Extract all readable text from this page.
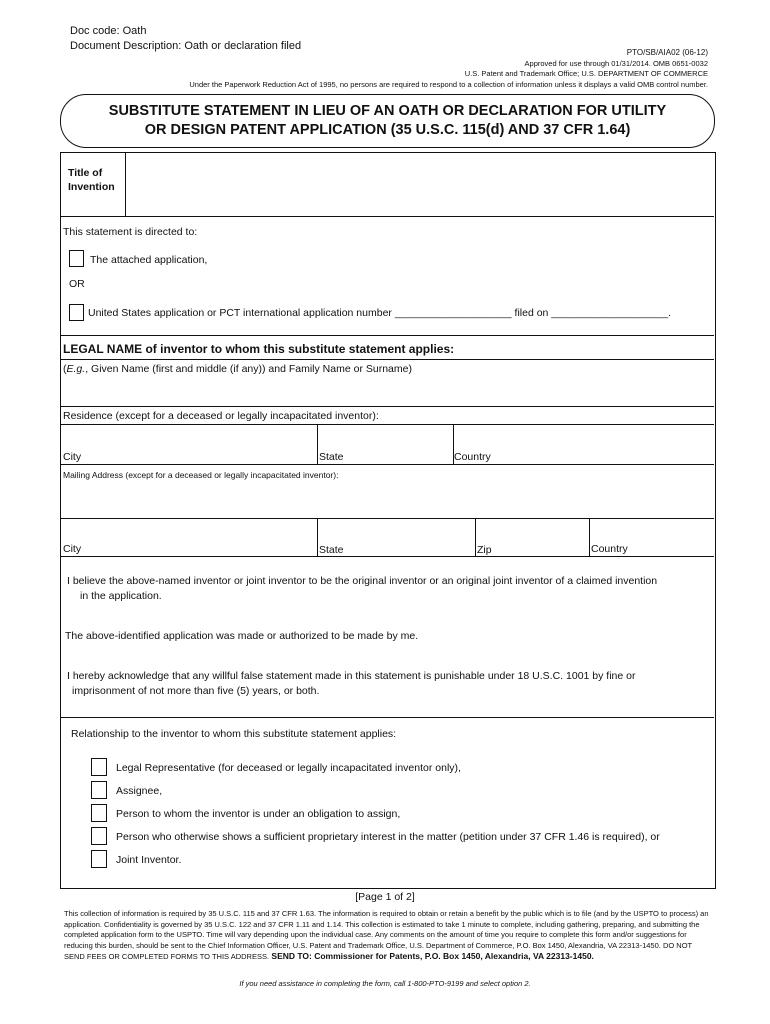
Doc code: Oath
Document Description: Oath or declaration filed
PTO/SB/AIA02 (06-12)
Approved for use through 01/31/2014. OMB 0651-0032
U.S. Patent and Trademark Office; U.S. DEPARTMENT OF COMMERCE
Under the Paperwork Reduction Act of 1995, no persons are required to respond to a collection of information unless it displays a valid OMB control number.
SUBSTITUTE STATEMENT IN LIEU OF AN OATH OR DECLARATION FOR UTILITY
OR DESIGN PATENT APPLICATION (35 U.S.C. 115(d) AND 37 CFR 1.64)
Title of
Invention
This statement is directed to:
The attached application,
OR
United States application or PCT international application number ____________________ filed on ____________________.
LEGAL NAME of inventor to whom this substitute statement applies:
(E.g., Given Name (first and middle (if any)) and Family Name or Surname)
Residence (except for a deceased or legally incapacitated inventor):
City	State	Country
Mailing Address (except for a deceased or legally incapacitated inventor):
City	State	Zip	Country
I believe the above-named inventor or joint inventor to be the original inventor or an original joint inventor of a claimed invention
in the application.
The above-identified application was made or authorized to be made by me.
I hereby acknowledge that any willful false statement made in this statement is punishable under 18 U.S.C. 1001 by fine or
imprisonment of not more than five (5) years, or both.
Relationship to the inventor to whom this substitute statement applies:
Legal Representative (for deceased or legally incapacitated inventor only),
Assignee,
Person to whom the inventor is under an obligation to assign,
Person who otherwise shows a sufficient proprietary interest in the matter (petition under 37 CFR 1.46 is required), or
Joint Inventor.
[Page 1 of 2]
This collection of information is required by 35 U.S.C. 115 and 37 CFR 1.63. The information is required to obtain or retain a benefit by the public which is to file (and by the USPTO to process) an application. Confidentiality is governed by 35 U.S.C. 122 and 37 CFR 1.11 and 1.14. This collection is estimated to take 1 minute to complete, including gathering, preparing, and submitting the completed application form to the USPTO. Time will vary depending upon the individual case. Any comments on the amount of time you require to complete this form and/or suggestions for reducing this burden, should be sent to the Chief Information Officer, U.S. Patent and Trademark Office, U.S. Department of Commerce, P.O. Box 1450, Alexandria, VA 22313-1450. DO NOT SEND FEES OR COMPLETED FORMS TO THIS ADDRESS. SEND TO: Commissioner for Patents, P.O. Box 1450, Alexandria, VA 22313-1450.
If you need assistance in completing the form, call 1-800-PTO-9199 and select option 2.
